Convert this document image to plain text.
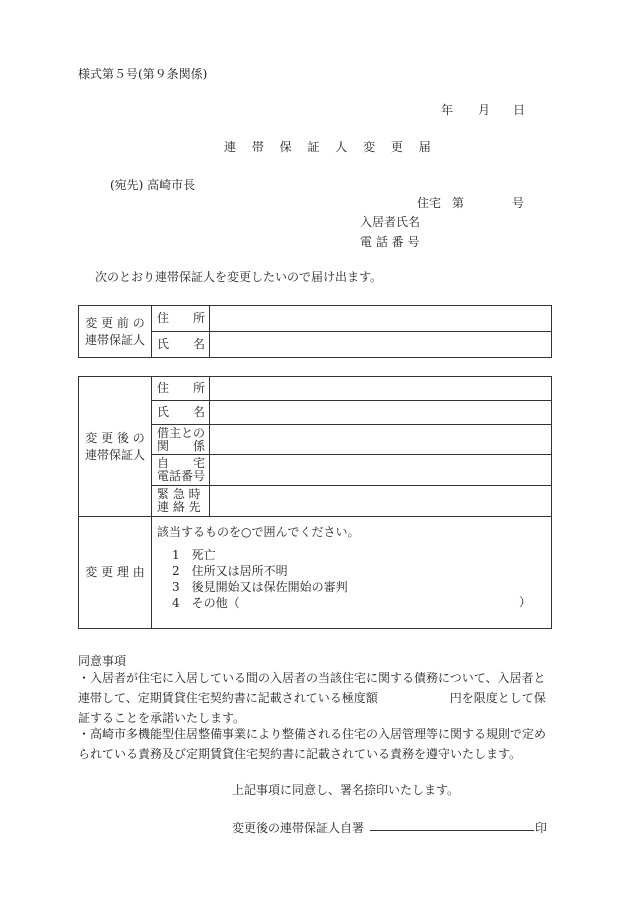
様式第５号(第９条関係)
年 月 日
連 帯 保 証 人 変 更 届
(宛先) 高崎市長
住宅 第	号
入居者氏名
電 話 番 号
次のとおり連帯保証人を変更したいので届け出ます。
変 更 前 の
連帯保証人	住　　所	
	氏　　名	
変 更 後 の
連帯保証人	住　　所	
	氏　　名	
	借主との
関　　係	
	自　　宅
電話番号	
	緊 急 時
連 絡 先	
変 更 理 由	該当するものを○で囲んでください。	
1　死亡
2　住所又は居所不明
3　後見開始又は保佐開始の審判
4　その他（	）
同意事項
・入居者が住宅に入居している間の入居者の当該住宅に関する債務について、入居者と連帯して、定期賃貸住宅契約書に記載されている極度額　　　　　　円を限度として保証することを承諾いたします。
・高崎市多機能型住居整備事業により整備される住宅の入居管理等に関する規則で定められている責務及び定期賃貸住宅契約書に記載されている責務を遵守いたします。
上記事項に同意し、署名捺印いたします。
変更後の連帯保証人自署	印
